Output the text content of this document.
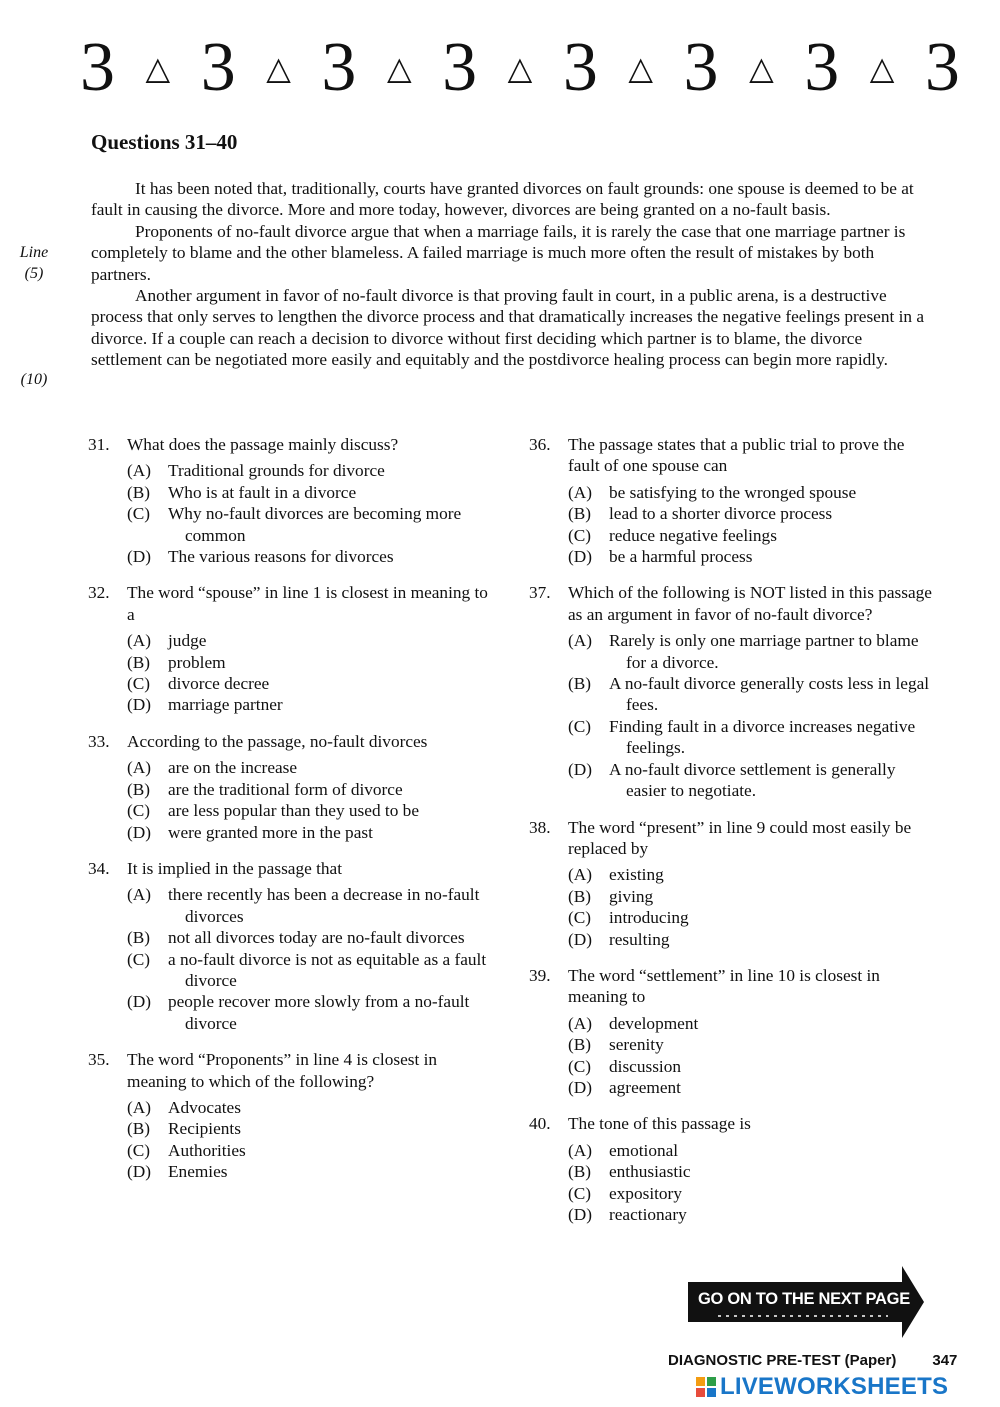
3 △ 3 △ 3 △ 3 △ 3 △ 3 △ 3 △ 3
Questions 31–40
Line
(5)
(10)

It has been noted that, traditionally, courts have granted divorces on fault grounds: one spouse is deemed to be at fault in causing the divorce. More and more today, however, divorces are being granted on a no-fault basis.

Proponents of no-fault divorce argue that when a marriage fails, it is rarely the case that one marriage partner is completely to blame and the other blameless. A failed marriage is much more often the result of mistakes by both partners.

Another argument in favor of no-fault divorce is that proving fault in court, in a public arena, is a destructive process that only serves to lengthen the divorce process and that dramatically increases the negative feelings present in a divorce. If a couple can reach a decision to divorce without first deciding which partner is to blame, the divorce settlement can be negotiated more easily and equitably and the postdivorce healing process can begin more rapidly.

31.	What does the passage mainly discuss?
(A) Traditional grounds for divorce
(B)	Who is at fault in a divorce
(C)	Why no-fault divorces are becoming more common
(D) The various reasons for divorces
32.	The word “spouse” in line 1 is closest in meaning to a
(A) judge
(B)	problem
(C)	divorce decree
(D) marriage partner
33.	According to the passage, no-fault divorces
(A) are on the increase
(B)	are the traditional form of divorce
(C)	are less popular than they used to be
(D) were granted more in the past
34.	It is implied in the passage that
(A) there recently has been a decrease in no-fault divorces
(B)	not all divorces today are no-fault divorces
(C)	a no-fault divorce is not as equitable as a fault divorce
(D) people recover more slowly from a no-fault divorce
35.	The word “Proponents” in line 4 is closest in meaning to which of the following?
(A) Advocates
(B)	Recipients
(C)	Authorities
(D) Enemies
36.	The passage states that a public trial to prove the fault of one spouse can
(A) be satisfying to the wronged spouse
(B)	lead to a shorter divorce process
(C)	reduce negative feelings
(D) be a harmful process
37.	Which of the following is NOT listed in this passage as an argument in favor of no-fault divorce?
(A) Rarely is only one marriage partner to blame for a divorce.
(B)	A no-fault divorce generally costs less in legal fees.
(C)	Finding fault in a divorce increases negative feelings.
(D) A no-fault divorce settlement is generally easier to negotiate.
38.	The word “present” in line 9 could most easily be replaced by
(A) existing
(B)	giving
(C)	introducing
(D) resulting
39.	The word “settlement” in line 10 is closest in meaning to
(A) development
(B)	serenity
(C)	discussion
(D) agreement
40.	The tone of this passage is
(A) emotional
(B)	enthusiastic
(C)	expository
(D) reactionary
GO ON TO THE NEXT PAGE
DIAGNOSTIC PRE-TEST (Paper) 347
LIVEWORKSHEETS
